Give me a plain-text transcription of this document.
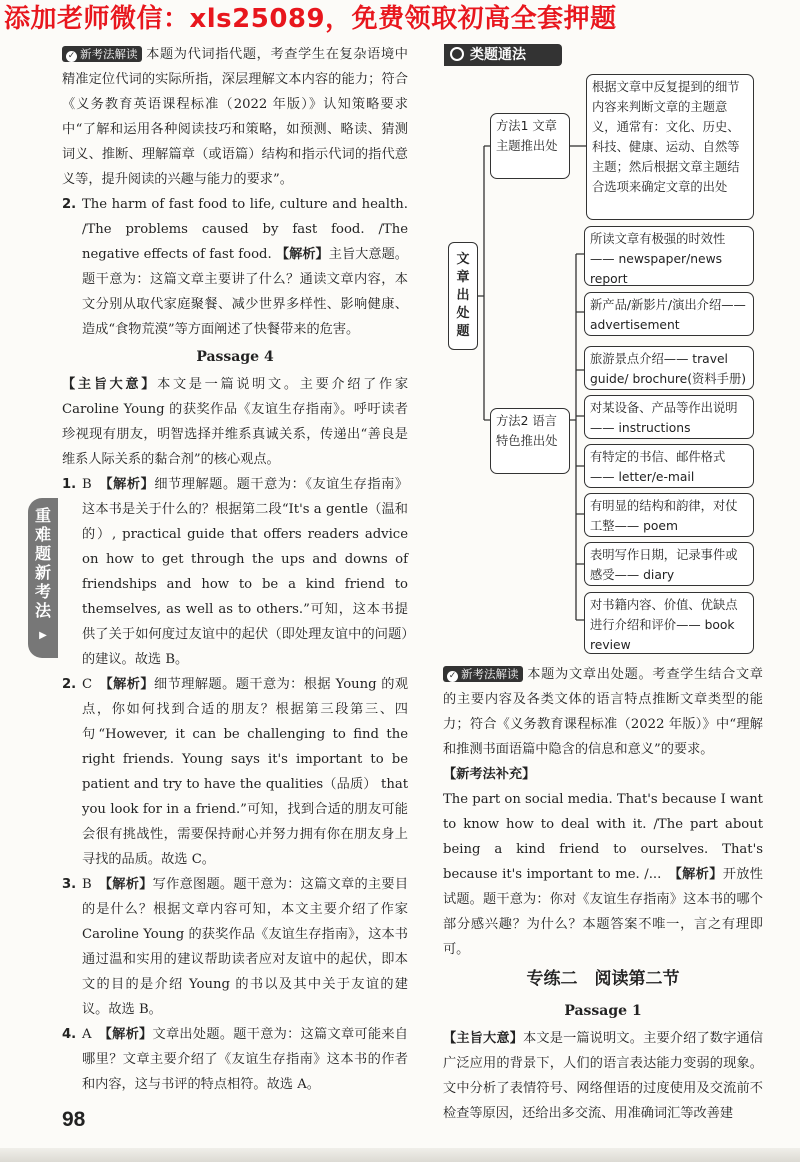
添加老师微信：xls25089，免费领取初高全套押题
✓ 新考法解读 本题为代词指代题，考查学生在复杂语境中精准定位代词的实际所指，深层理解文本内容的能力；符合《义务教育英语课程标准（2022 年版）》认知策略要求中“了解和运用各种阅读技巧和策略，如预测、略读、猜测词义、推断、理解篇章（或语篇）结构和指示代词的指代意义等，提升阅读的兴趣与能力的要求”。
2. The harm of fast food to life, culture and health. /The problems caused by fast food. /The negative effects of fast food. 【解析】主旨大意题。题干意为：这篇文章主要讲了什么？通读文章内容，本文分别从取代家庭聚餐、减少世界多样性、影响健康、造成“食物荒漠”等方面阐述了快餐带来的危害。
Passage 4
【主旨大意】本文是一篇说明文。主要介绍了作家 Caroline Young 的获奖作品《友谊生存指南》。呼吁读者珍视现有朋友，明智选择并维系真诚关系，传递出“善良是维系人际关系的黏合剂”的核心观点。
1. B　 【解析】细节理解题。题干意为：《友谊生存指南》这本书是关于什么的？根据第二段“It's a gentle（温和的）, practical guide that offers readers advice on how to get through the ups and downs of friendships and how to be a kind friend to themselves, as well as to others.”可知，这本书提供了关于如何度过友谊中的起伏（即处理友谊中的问题）的建议。故选 B。
2. C　 【解析】细节理解题。题干意为：根据 Young 的观点，你如何找到合适的朋友？根据第三段第三、四句“However, it can be challenging to find the right friends. Young says it's important to be patient and try to have the qualities（品质） that you look for in a friend.”可知，找到合适的朋友可能会很有挑战性，需要保持耐心并努力拥有你在朋友身上寻找的品质。故选 C。
3. B　 【解析】写作意图题。题干意为：这篇文章的主要目的是什么？根据文章内容可知，本文主要介绍了作家 Caroline Young 的获奖作品《友谊生存指南》，这本书通过温和实用的建议帮助读者应对友谊中的起伏，即本文的目的是介绍 Young 的书以及其中关于友谊的建议。故选 B。
4. A　 【解析】文章出处题。题干意为：这篇文章可能来自哪里？文章主要介绍了《友谊生存指南》这本书的作者和内容，这与书评的特点相符。故选 A。
重
难
题
新
考
法
▶
98
类题通法
文
章
出
处
题
方法1 文章主题推出处
方法2 语言特色推出处
根据文章中反复提到的细节内容来判断文章的主题意义，通常有：文化、历史、科技、健康、运动、自然等主题；然后根据文章主题结合选项来确定文章的出处
所读文章有极强的时效性—— newspaper/news report
新产品/新影片/演出介绍—— advertisement
旅游景点介绍—— travel guide/ brochure(资料手册)
对某设备、产品等作出说明—— instructions
有特定的书信、邮件格式—— letter/e-mail
有明显的结构和韵律，对仗工整—— poem
表明写作日期，记录事件或感受—— diary
对书籍内容、价值、优缺点进行介绍和评价—— book review
✓ 新考法解读 本题为文章出处题。考查学生结合文章的主要内容及各类文体的语言特点推断文章类型的能力；符合《义务教育课程标准（2022 年版）》中“理解和推测书面语篇中隐含的信息和意义”的要求。
【新考法补充】
The part on social media. That's because I want to know how to deal with it. /The part about being a kind friend to ourselves. That's because it's important to me. /...　 【解析】开放性试题。题干意为：你对《友谊生存指南》这本书的哪个部分感兴趣？为什么？本题答案不唯一，言之有理即可。
专练二　阅读第二节
Passage 1
【主旨大意】本文是一篇说明文。主要介绍了数字通信广泛应用的背景下，人们的语言表达能力变弱的现象。文中分析了表情符号、网络俚语的过度使用及交流前不检查等原因，还给出多交流、用准确词汇等改善建
